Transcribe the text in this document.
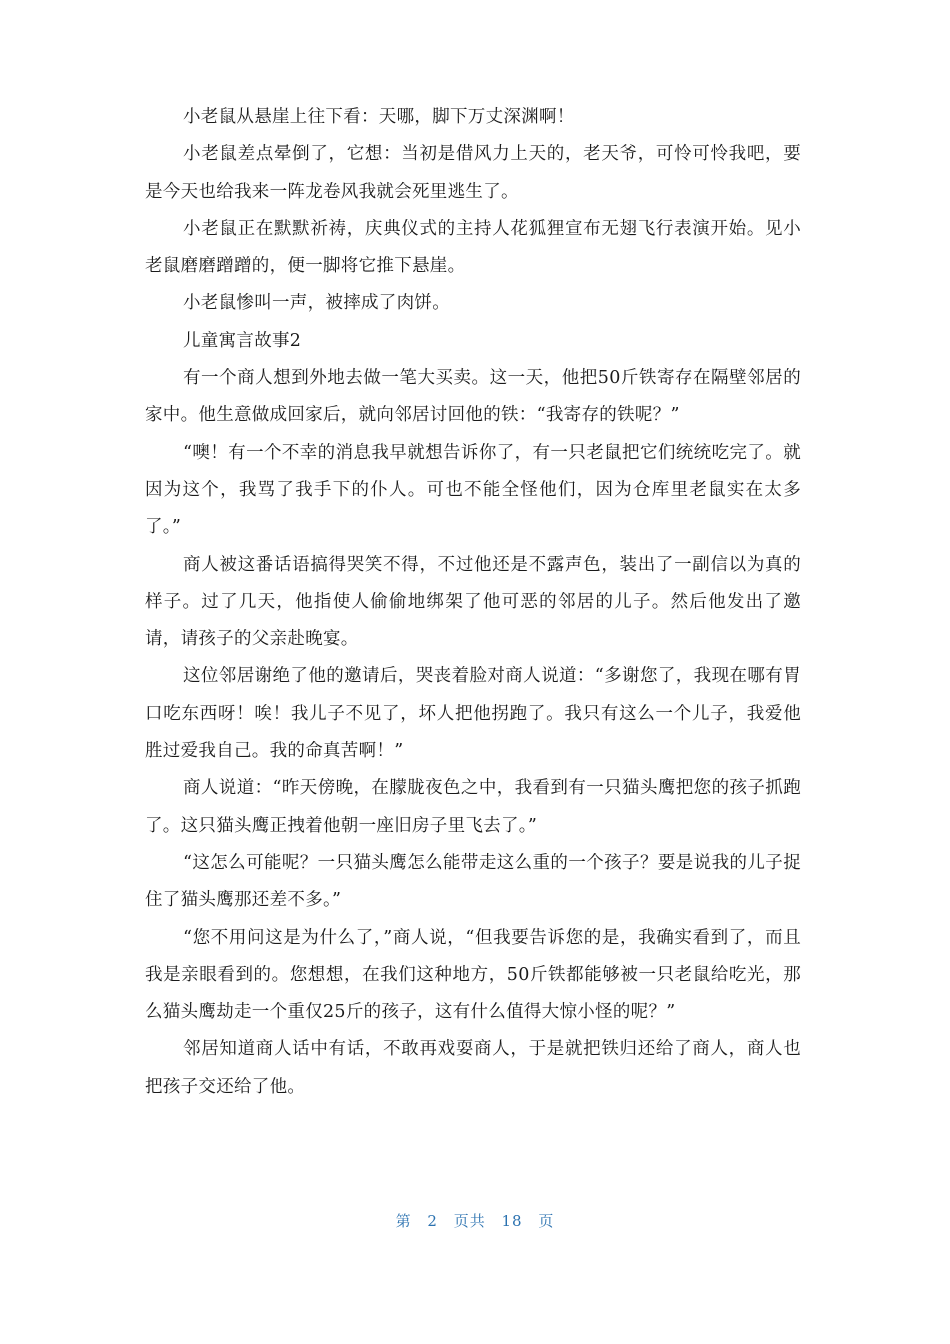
小老鼠从悬崖上往下看：天哪，脚下万丈深渊啊！

小老鼠差点晕倒了，它想：当初是借风力上天的，老天爷，可怜可怜我吧，要是今天也给我来一阵龙卷风我就会死里逃生了。

小老鼠正在默默祈祷，庆典仪式的主持人花狐狸宣布无翅飞行表演开始。见小老鼠磨磨蹭蹭的，便一脚将它推下悬崖。

小老鼠惨叫一声，被摔成了肉饼。

儿童寓言故事2

有一个商人想到外地去做一笔大买卖。这一天，他把50斤铁寄存在隔壁邻居的家中。他生意做成回家后，就向邻居讨回他的铁：“我寄存的铁呢？”

“噢！有一个不幸的消息我早就想告诉你了，有一只老鼠把它们统统吃完了。就因为这个，我骂了我手下的仆人。可也不能全怪他们，因为仓库里老鼠实在太多了。”

商人被这番话语搞得哭笑不得，不过他还是不露声色，装出了一副信以为真的样子。过了几天，他指使人偷偷地绑架了他可恶的邻居的儿子。然后他发出了邀请，请孩子的父亲赴晚宴。

这位邻居谢绝了他的邀请后，哭丧着脸对商人说道：“多谢您了，我现在哪有胃口吃东西呀！唉！我儿子不见了，坏人把他拐跑了。我只有这么一个儿子，我爱他胜过爱我自己。我的命真苦啊！”

商人说道：“昨天傍晚，在朦胧夜色之中，我看到有一只猫头鹰把您的孩子抓跑了。这只猫头鹰正拽着他朝一座旧房子里飞去了。”

“这怎么可能呢？一只猫头鹰怎么能带走这么重的一个孩子？要是说我的儿子捉住了猫头鹰那还差不多。”

“您不用问这是为什么了，”商人说，“但我要告诉您的是，我确实看到了，而且我是亲眼看到的。您想想，在我们这种地方，50斤铁都能够被一只老鼠给吃光，那么猫头鹰劫走一个重仅25斤的孩子，这有什么值得大惊小怪的呢？”

邻居知道商人话中有话，不敢再戏耍商人，于是就把铁归还给了商人，商人也把孩子交还给了他。

第 2 页共 18 页
